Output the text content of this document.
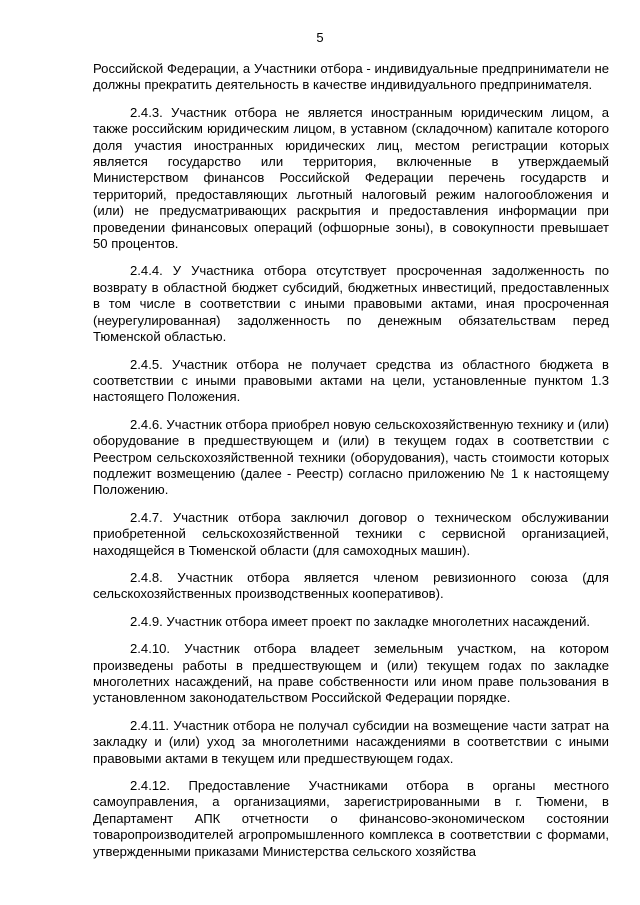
5

Российской Федерации, а Участники отбора - индивидуальные предприниматели не должны прекратить деятельность в качестве индивидуального предпринимателя.

2.4.3. Участник отбора не является иностранным юридическим лицом, а также российским юридическим лицом, в уставном (складочном) капитале которого доля участия иностранных юридических лиц, местом регистрации которых является государство или территория, включенные в утверждаемый Министерством финансов Российской Федерации перечень государств и территорий, предоставляющих льготный налоговый режим налогообложения и (или) не предусматривающих раскрытия и предоставления информации при проведении финансовых операций (офшорные зоны), в совокупности превышает 50 процентов.

2.4.4. У Участника отбора отсутствует просроченная задолженность по возврату в областной бюджет субсидий, бюджетных инвестиций, предоставленных в том числе в соответствии с иными правовыми актами, иная просроченная (неурегулированная) задолженность по денежным обязательствам перед Тюменской областью.

2.4.5. Участник отбора не получает средства из областного бюджета в соответствии с иными правовыми актами на цели, установленные пунктом 1.3 настоящего Положения.

2.4.6. Участник отбора приобрел новую сельскохозяйственную технику и (или) оборудование в предшествующем и (или) в текущем годах в соответствии с Реестром сельскохозяйственной техники (оборудования), часть стоимости которых подлежит возмещению (далее - Реестр) согласно приложению № 1 к настоящему Положению.

2.4.7. Участник отбора заключил договор о техническом обслуживании приобретенной сельскохозяйственной техники с сервисной организацией, находящейся в Тюменской области (для самоходных машин).

2.4.8. Участник отбора является членом ревизионного союза (для сельскохозяйственных производственных кооперативов).

2.4.9. Участник отбора имеет проект по закладке многолетних насаждений.

2.4.10. Участник отбора владеет земельным участком, на котором произведены работы в предшествующем и (или) текущем годах по закладке многолетних насаждений, на праве собственности или ином праве пользования в установленном законодательством Российской Федерации порядке.

2.4.11. Участник отбора не получал субсидии на возмещение части затрат на закладку и (или) уход за многолетними насаждениями в соответствии с иными правовыми актами в текущем или предшествующем годах.

2.4.12. Предоставление Участниками отбора в органы местного самоуправления, а организациями, зарегистрированными в г. Тюмени, в Департамент АПК отчетности о финансово-экономическом состоянии товаропроизводителей агропромышленного комплекса в соответствии с формами, утвержденными приказами Министерства сельского хозяйства
